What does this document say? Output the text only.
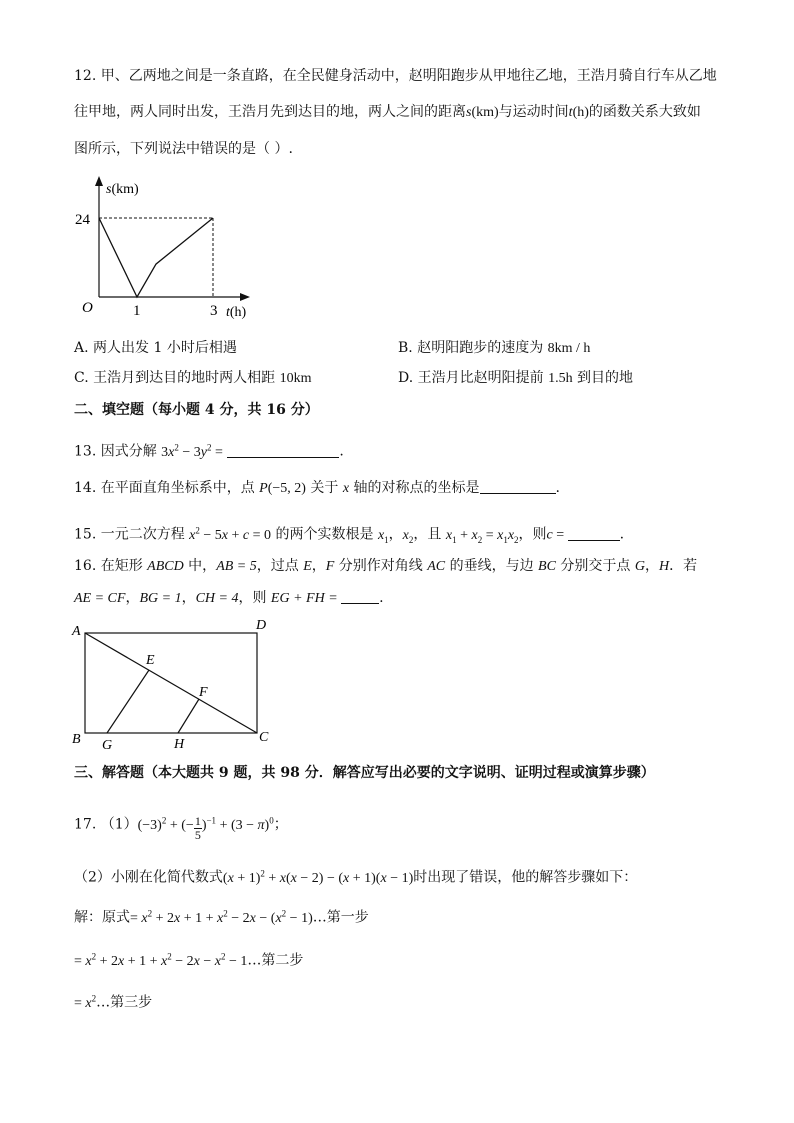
12. 甲、乙两地之间是一条直路，在全民健身活动中，赵明阳跑步从甲地往乙地，王浩月骑自行车从乙地
往甲地，两人同时出发，王浩月先到达目的地，两人之间的距离s(km)与运动时间t(h)的函数关系大致如
图所示，下列说法中错误的是（ ）.
s(km)
t(h)
O
24
1	3
A. 两人出发 1 小时后相遇	B. 赵明阳跑步的速度为 8km / h
C. 王浩月到达目的地时两人相距 10km	D. 王浩月比赵明阳提前 1.5h 到目的地
二、填空题（每小题 4 分，共 16 分）
13. 因式分解 $3x^2 - 3y^2$ =	.
14. 在平面直角坐标系中，点 P(−5, 2) 关于 x 轴的对称点的坐标是	.
15. 一元二次方程 $x^2 - 5x + c = 0$ 的两个实数根是 $x_1$，$x_2$，且 $x_1 + x_2 = x_1x_2$，则c =	.
16. 在矩形 ABCD 中，AB = 5，过点 E，F 分别作对角线 AC 的垂线，与边 BC 分别交于点 G，H．若
AE = CF，BG = 1，CH = 4，则 EG + FH =	.
A	D
B	C
E
F
G	H
三、解答题（本大题共 9 题，共 98 分．解答应写出必要的文字说明、证明过程或演算步骤）
17. $(1)(-3)^2$ + (− $\frac{1}{5} )^{-1} + (3 - \pi)^0$；
（2）小刚在化简代数式$(x + 1)^2 + x(x - 2) - (x + 1)(x - 1)$时出现了错误，他的解答步骤如下：
解：原式= $x^2 + 2x + 1 + x^2 - 2x - (x^2$ − 1)…第一步
= $x^2 + 2x + 1 + x^2 - 2x - x^2$ − 1…第二步
= $x^2\dots$第三步
